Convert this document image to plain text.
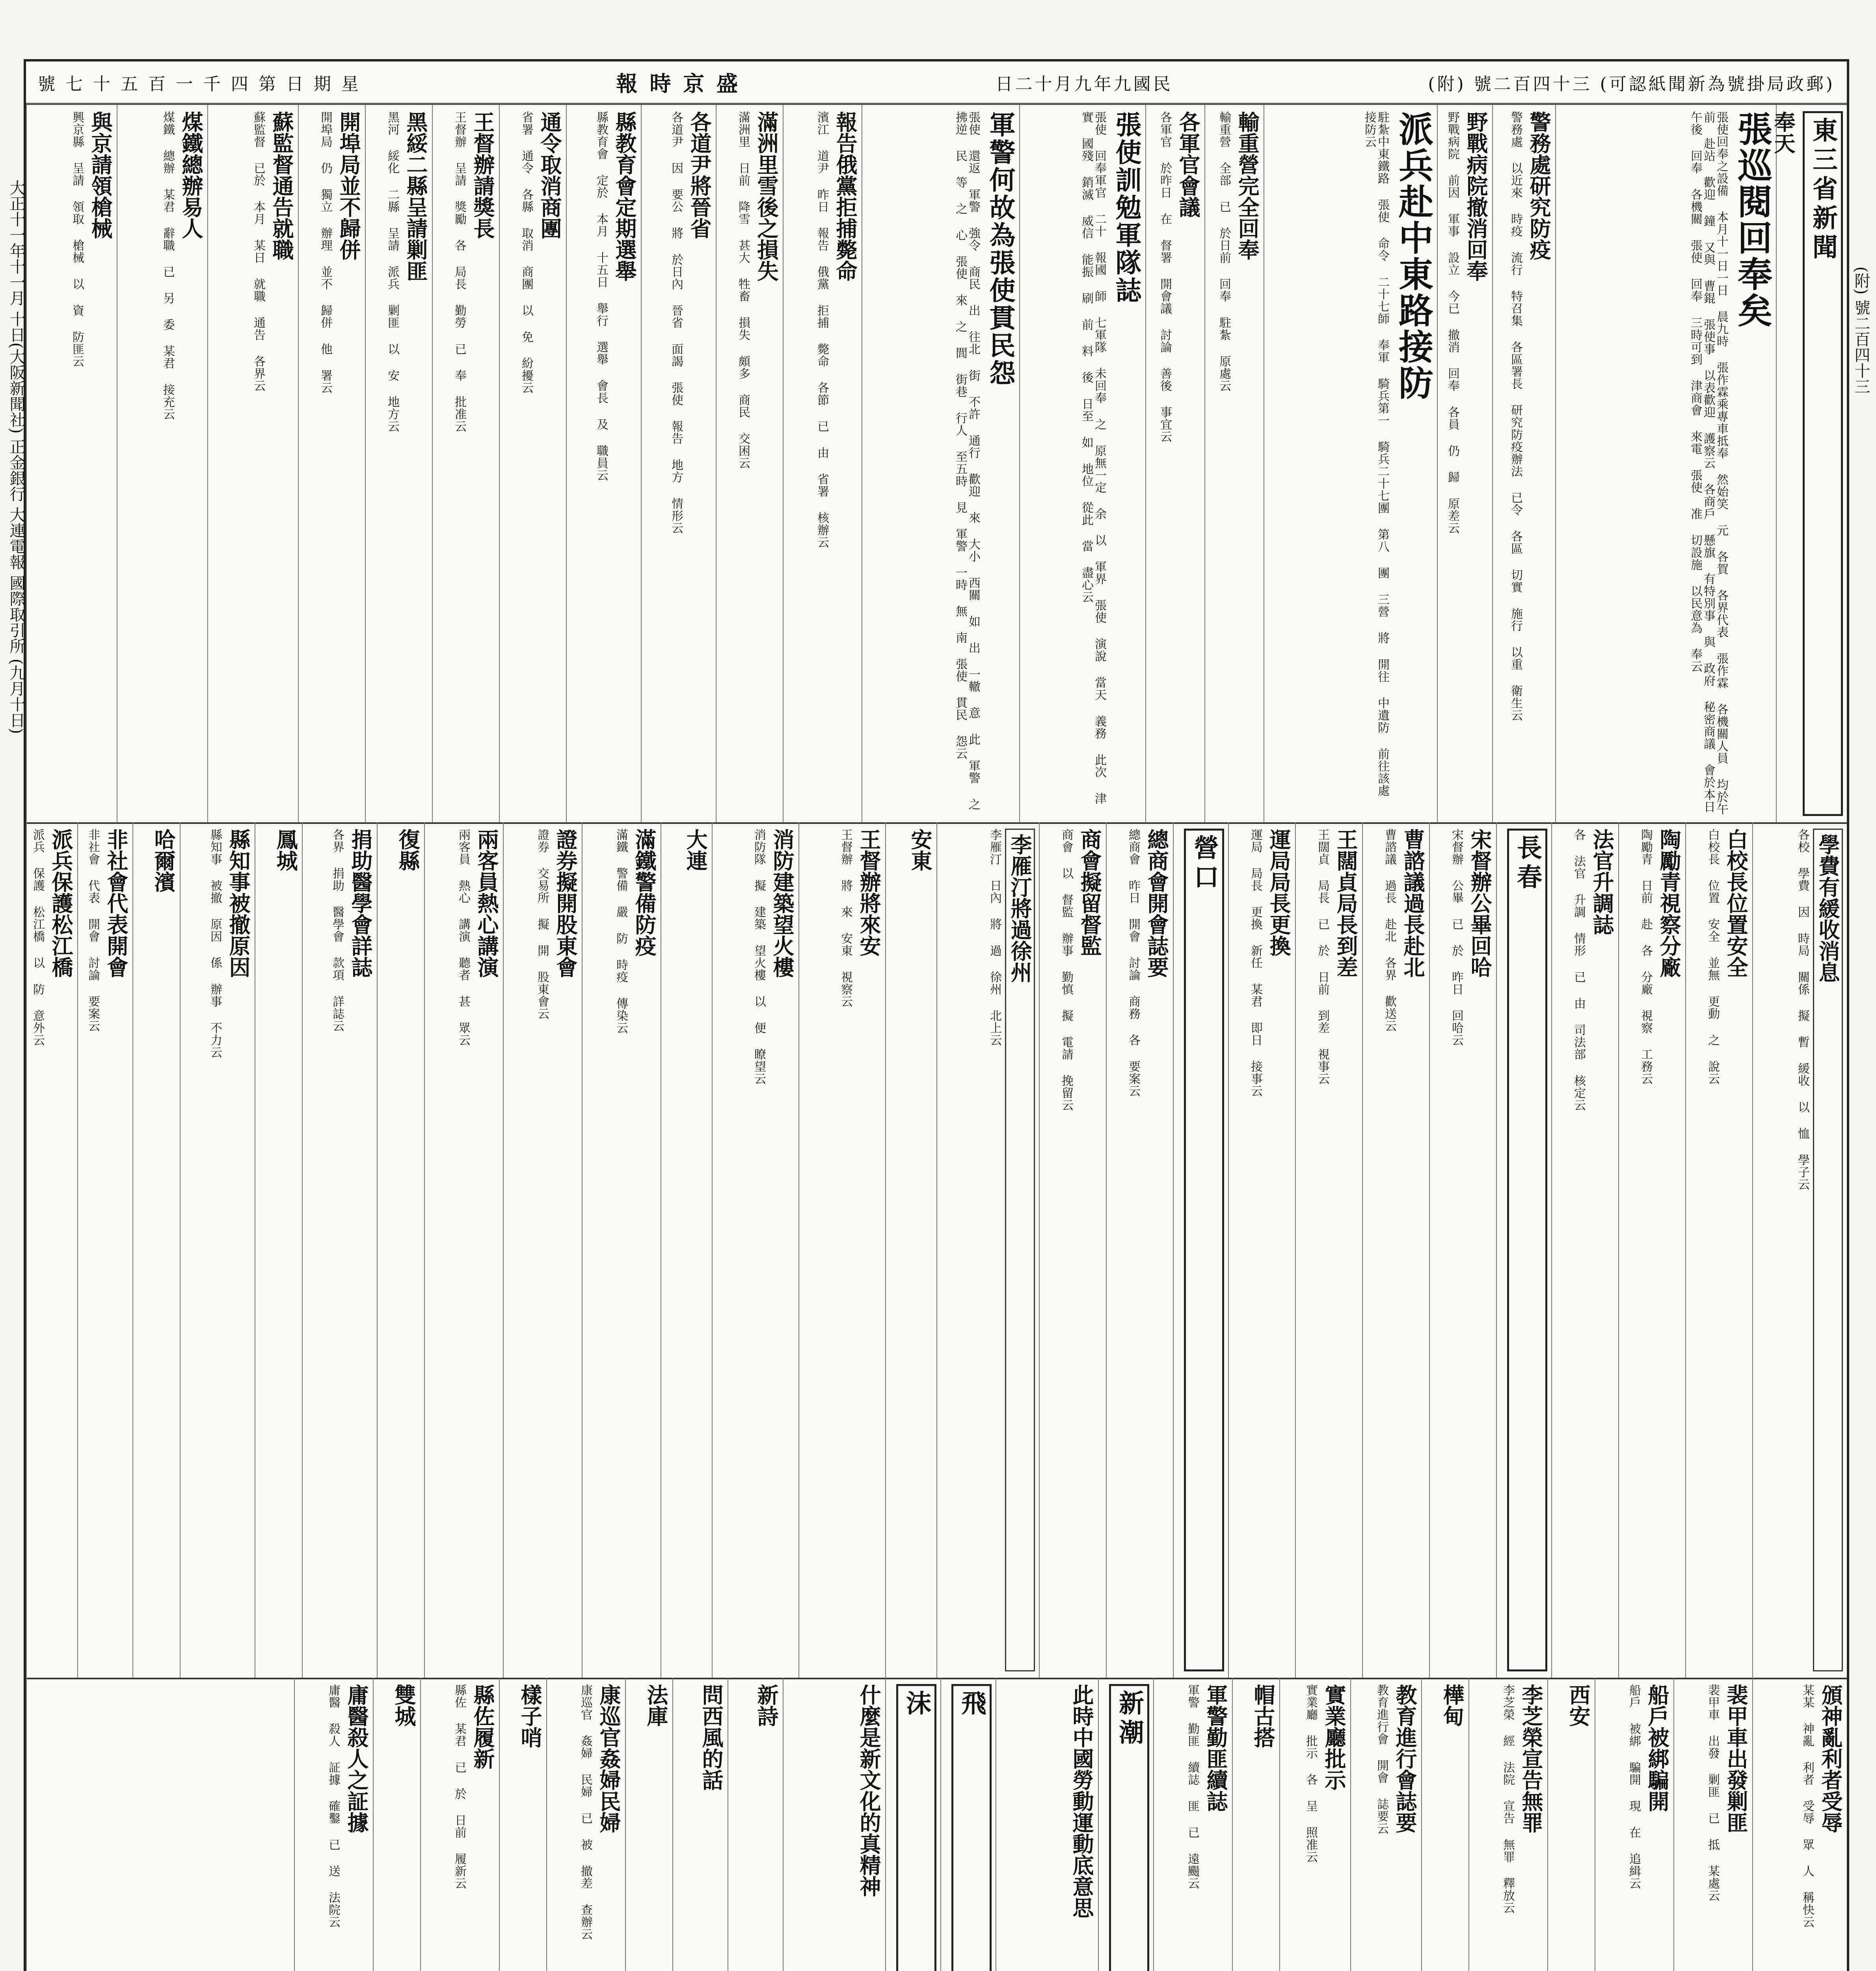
號 七 十 五 百 一 千 四 第 日 期 星	報 時 京 盛	日二十月九年九國民	(附) 號二百四十三 (可認紙聞新為號掛局政郵)
大正十一年十一月 十日(大阪新聞社) 正金銀行 大連電報 國際取引所 (九月十日)	(附) 號二百四十三
東三省新聞
奉天
張巡閱回奉矣
張使回奉之設備 本月十一日一日 晨九時 張作霖乘專車抵奉 然始笑 元 各賀 各界代表 張作霖 各機關人員 均於午前 赴站 歡迎 鐘 又與 曹錕 張使事 以表歡迎 護察云 各商戶 懸旗 有特別事 與 政府 秘密商議 會於本日 午後 回奉 各機關 張使 回奉 三時可到 津商會 來電 張使 准 切設施 以民意為 奉云
警務處研究防疫
警務處 以近來 時疫 流行 特召集 各區署長 研究防疫辦法 已令 各區 切實 施行 以重 衛生云
野戰病院撤消回奉
野戰病院 前因 軍事 設立 今已 撤消 回奉 各員 仍 歸 原差云
派兵赴中東路接防
駐紮中東鐵路 張使 命令 二十七師 奉軍 騎兵第一 騎兵二十七團 第八 團 三營 將 開往 中遺防 前往該處 接防云
輸重營完全回奉
輸重營 全部 已 於日前 回奉 駐紮 原處云
各軍官會議
各軍官 於昨日 在 督署 開會議 討論 善後 事宜云
張使訓勉軍隊誌
張使 回奉軍官 二十 報國 師 七軍隊 未回奉 之 原無一定 余 以 軍界 張使 演說 當天 義務 此次 津 實 國殘 銷滅 威信 能振 刷 前 料 後 日至 如 地位 從此 當 盡心云
軍警何故為張使貫民怨
張使 還返 軍警 強令 商民 出 往北 街 不許 通行 歡迎 來 大小 西關 如 出 一轍 意 此 軍警 之 拂逆 民 等 之 心 張使 來 之 閭 街巷 行人 至五時 見 軍警 一時 無 南 張使 貫民 怨云
報告俄黨拒捕斃命
濱江 道尹 昨日 報告 俄黨 拒捕 斃命 各節 已 由 省署 核辦云
滿洲里雪後之損失
滿洲里 日前 降雪 甚大 牲畜 損失 頗多 商民 交困云
各道尹將晉省
各道尹 因 要公 將 於日內 晉省 面謁 張使 報告 地方 情形云
縣教育會定期選舉
縣教育會 定於 本月 十五日 舉行 選舉 會長 及 職員云
通令取消商團
省署 通令 各縣 取消 商團 以 免 紛擾云
王督辦請獎長
王督辦 呈請 獎勵 各 局長 勤勞 已 奉 批准云
黑綏二縣呈請剿匪
黑河 綏化 二縣 呈請 派兵 剿匪 以 安 地方云
開埠局並不歸併
開埠局 仍 獨立 辦理 並不 歸併 他 署云
蘇監督通告就職
蘇監督 已於 本月 某日 就職 通告 各界云
煤鐵總辦易人
煤鐵 總辦 某君 辭職 已 另 委 某君 接充云
與京請領槍械
興京縣 呈請 領取 槍械 以 資 防匪云
學費有緩收消息
各校 學費 因 時局 關係 擬 暫 緩收 以 恤 學子云
白校長位置安全
白校長 位置 安全 並無 更動 之 說云
陶勵青視察分廠
陶勵青 日前 赴 各 分廠 視察 工務云
法官升調誌
各 法官 升調 情形 已 由 司法部 核定云
長春
宋督辦公畢回哈
宋督辦 公畢 已 於 昨日 回哈云
曹諮議過長赴北
曹諮議 過長 赴北 各界 歡送云
王闊貞局長到差
王闊貞 局長 已 於 日前 到差 視事云
運局局長更換
運局 局長 更換 新任 某君 即日 接事云
營口
總商會開會誌要
總商會 昨日 開會 討論 商務 各 要案云
商會擬留督監
商會 以 督監 辦事 勤慎 擬 電請 挽留云
李雁汀將過徐州
李雁汀 日內 將 過 徐州 北上云
安東
王督辦將來安
王督辦 將 來 安東 視察云
消防建築望火樓
消防隊 擬 建築 望火樓 以 便 瞭望云
大連
滿鐵警備防疫
滿鐵 警備 嚴 防 時疫 傳染云
證券擬開股東會
證券 交易所 擬 開 股東會云
兩客員熱心講演
兩客員 熱心 講演 聽者 甚 眾云
復縣
捐助醫學會詳誌
各界 捐助 醫學會 款項 詳誌云
鳳城
縣知事被撤原因
縣知事 被撤 原因 係 辦事 不力云
哈爾濱
非社會代表開會
非社會 代表 開會 討論 要案云
派兵保護松江橋
派兵 保護 松江橋 以 防 意外云
頒神亂利者受辱
某某 神亂 利者 受辱 眾 人 稱快云
裴甲車出發剿匪
裴甲車 出發 剿匪 已 抵 某處云
船戶被綁騙開
船戶 被綁 騙開 現 在 追緝云
西安
李芝榮宣告無罪
李芝榮 經 法院 宣告 無罪 釋放云
樺甸
教育進行會誌要
教育進行會 開會 誌要云
實業廳批示
實業廳 批示 各 呈 照准云
帽古搭
軍警勤匪續誌
軍警 勤匪 續誌 匪 已 遠颺云
新潮
此時中國勞動運動底意思
飛
沫
什麼是新文化的真精神
新詩
問西風的話
法庫
康巡官姦婦民婦
康巡官 姦婦 民婦 已 被 撤差 查辦云
樣子哨
縣佐履新
縣佐 某君 已 於 日前 履新云
雙城
庸醫殺人之証據
庸醫 殺人 証據 確鑿 已 送 法院云
